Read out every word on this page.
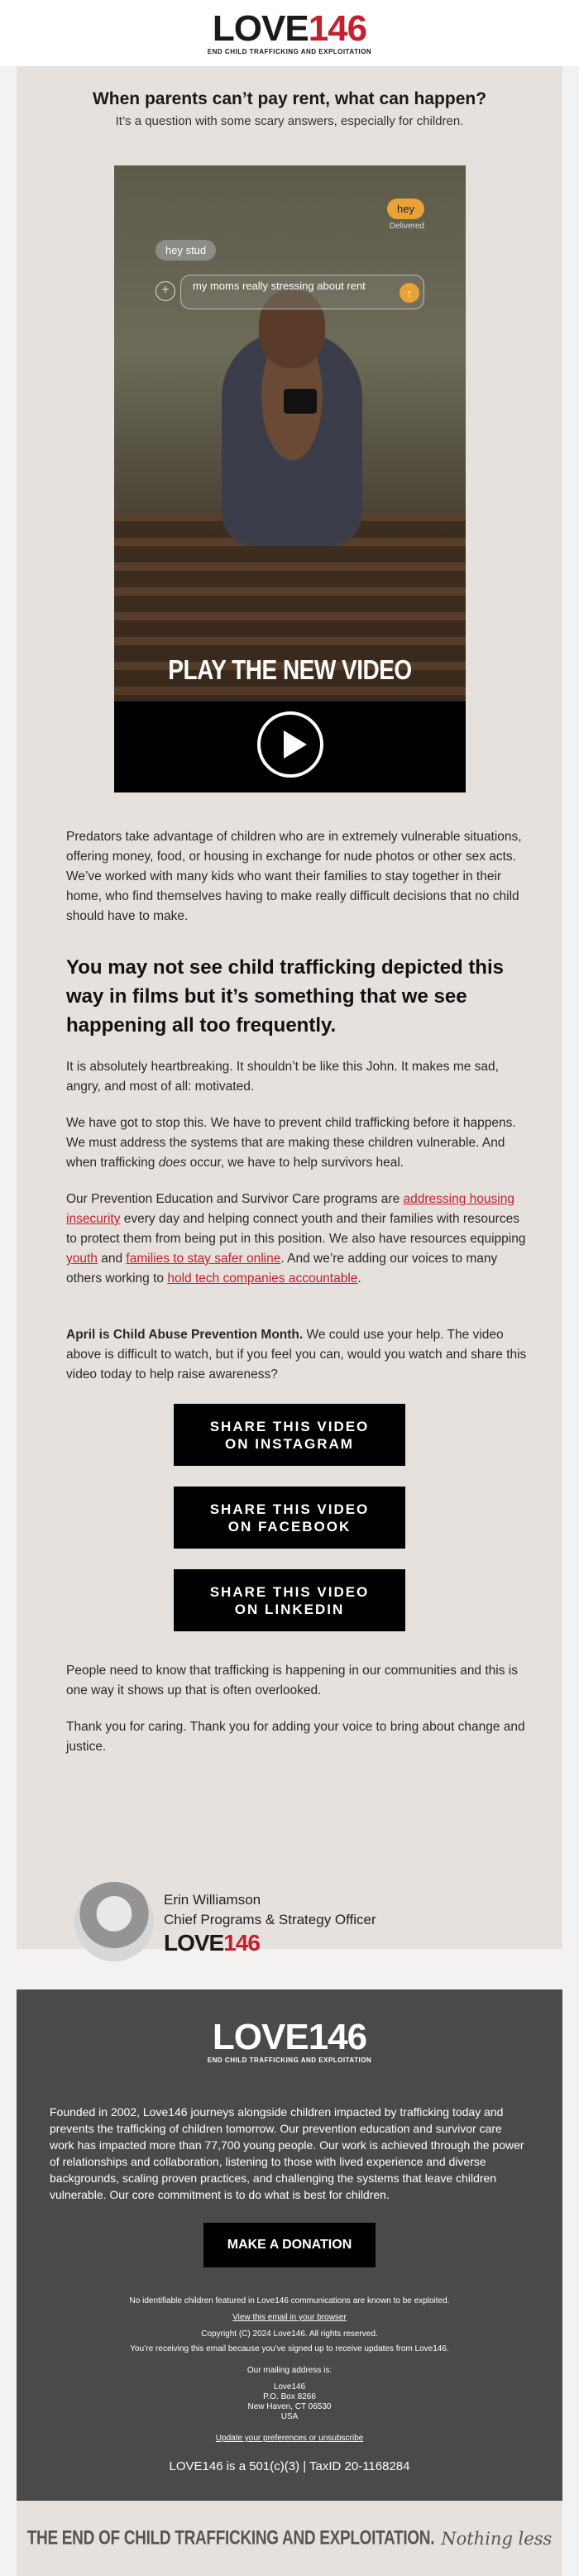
LOVE146
END CHILD TRAFFICKING AND EXPLOITATION
When parents can’t pay rent, what can happen?
It’s a question with some scary answers, especially for children.
hey
Delivered
hey stud
+	my moms really stressing about rent
↑
PLAY THE NEW VIDEO

Predators take advantage of children who are in extremely vulnerable situations, offering money, food, or housing in exchange for nude photos or other sex acts. We’ve worked with many kids who want their families to stay together in their home, who find themselves having to make really difficult decisions that no child should have to make.

You may not see child trafficking depicted this way in films but it’s something that we see happening all too frequently.

It is absolutely heartbreaking. It shouldn’t be like this John. It makes me sad, angry, and most of all: motivated.

We have got to stop this. We have to prevent child trafficking before it happens. We must address the systems that are making these children vulnerable. And when trafficking does occur, we have to help survivors heal.

Our Prevention Education and Survivor Care programs are addressing housing insecurity every day and helping connect youth and their families with resources to protect them from being put in this position. We also have resources equipping youth and families to stay safer online. And we’re adding our voices to many others working to hold tech companies accountable.

April is Child Abuse Prevention Month. We could use your help. The video above is difficult to watch, but if you feel you can, would you watch and share this video today to help raise awareness?

SHARE THIS VIDEO
ON INSTAGRAM
SHARE THIS VIDEO
ON FACEBOOK
SHARE THIS VIDEO
ON LINKEDIN

People need to know that trafficking is happening in our communities and this is one way it shows up that is often overlooked.

Thank you for caring. Thank you for adding your voice to bring about change and justice.

Erin Williamson
Chief Programs & Strategy Officer
LOVE146
LOVE146
END CHILD TRAFFICKING AND EXPLOITATION

Founded in 2002, Love146 journeys alongside children impacted by trafficking today and prevents the trafficking of children tomorrow. Our prevention education and survivor care work has impacted more than 77,700 young people. Our work is achieved through the power of relationships and collaboration, listening to those with lived experience and diverse backgrounds, scaling proven practices, and challenging the systems that leave children vulnerable. Our core commitment is to do what is best for children.

MAKE A DONATION
No identifiable children featured in Love146 communications are known to be exploited.
View this email in your browser
Copyright (C) 2024 Love146. All rights reserved.
You’re receiving this email because you’ve signed up to receive updates from Love146.
Our mailing address is:
Love146
P.O. Box 8266
New Haven, CT 06530
USA
Update your preferences or unsubscribe
LOVE146 is a 501(c)(3) | TaxID 20-1168284
THE END OF CHILD TRAFFICKING AND EXPLOITATION. Nothing less
